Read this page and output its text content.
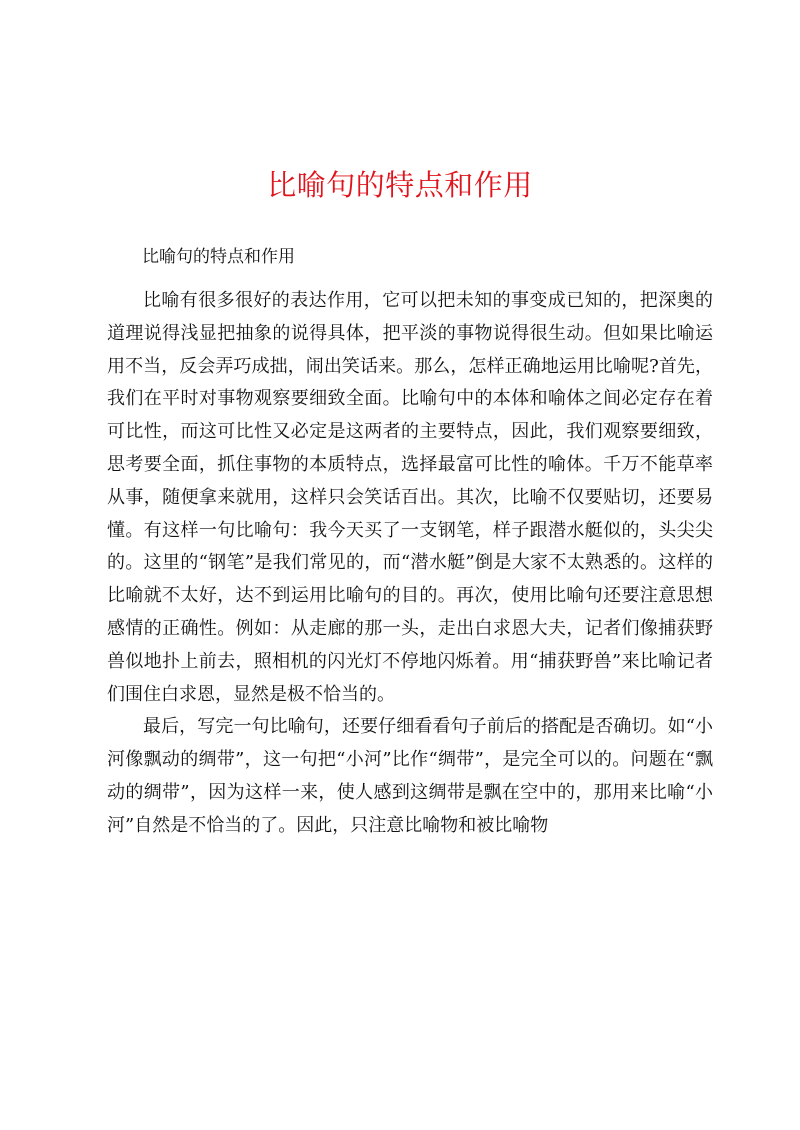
比喻句的特点和作用
比喻句的特点和作用

比喻有很多很好的表达作用，它可以把未知的事变成已知的，把深奥的道理说得浅显把抽象的说得具体，把平淡的事物说得很生动。但如果比喻运用不当，反会弄巧成拙，闹出笑话来。那么，怎样正确地运用比喻呢?首先，我们在平时对事物观察要细致全面。比喻句中的本体和喻体之间必定存在着可比性，而这可比性又必定是这两者的主要特点，因此，我们观察要细致，思考要全面，抓住事物的本质特点，选择最富可比性的喻体。千万不能草率从事，随便拿来就用，这样只会笑话百出。其次，比喻不仅要贴切，还要易懂。有这样一句比喻句：我今天买了一支钢笔，样子跟潜水艇似的，头尖尖的。这里的“钢笔”是我们常见的，而“潜水艇”倒是大家不太熟悉的。这样的比喻就不太好，达不到运用比喻句的目的。再次，使用比喻句还要注意思想感情的正确性。例如：从走廊的那一头，走出白求恩大夫，记者们像捕获野兽似地扑上前去，照相机的闪光灯不停地闪烁着。用“捕获野兽”来比喻记者们围住白求恩，显然是极不恰当的。

最后，写完一句比喻句，还要仔细看看句子前后的搭配是否确切。如“小河像飘动的绸带”，这一句把“小河”比作“绸带”，是完全可以的。问题在“飘动的绸带”，因为这样一来，使人感到这绸带是飘在空中的，那用来比喻“小河”自然是不恰当的了。因此，只注意比喻物和被比喻物
